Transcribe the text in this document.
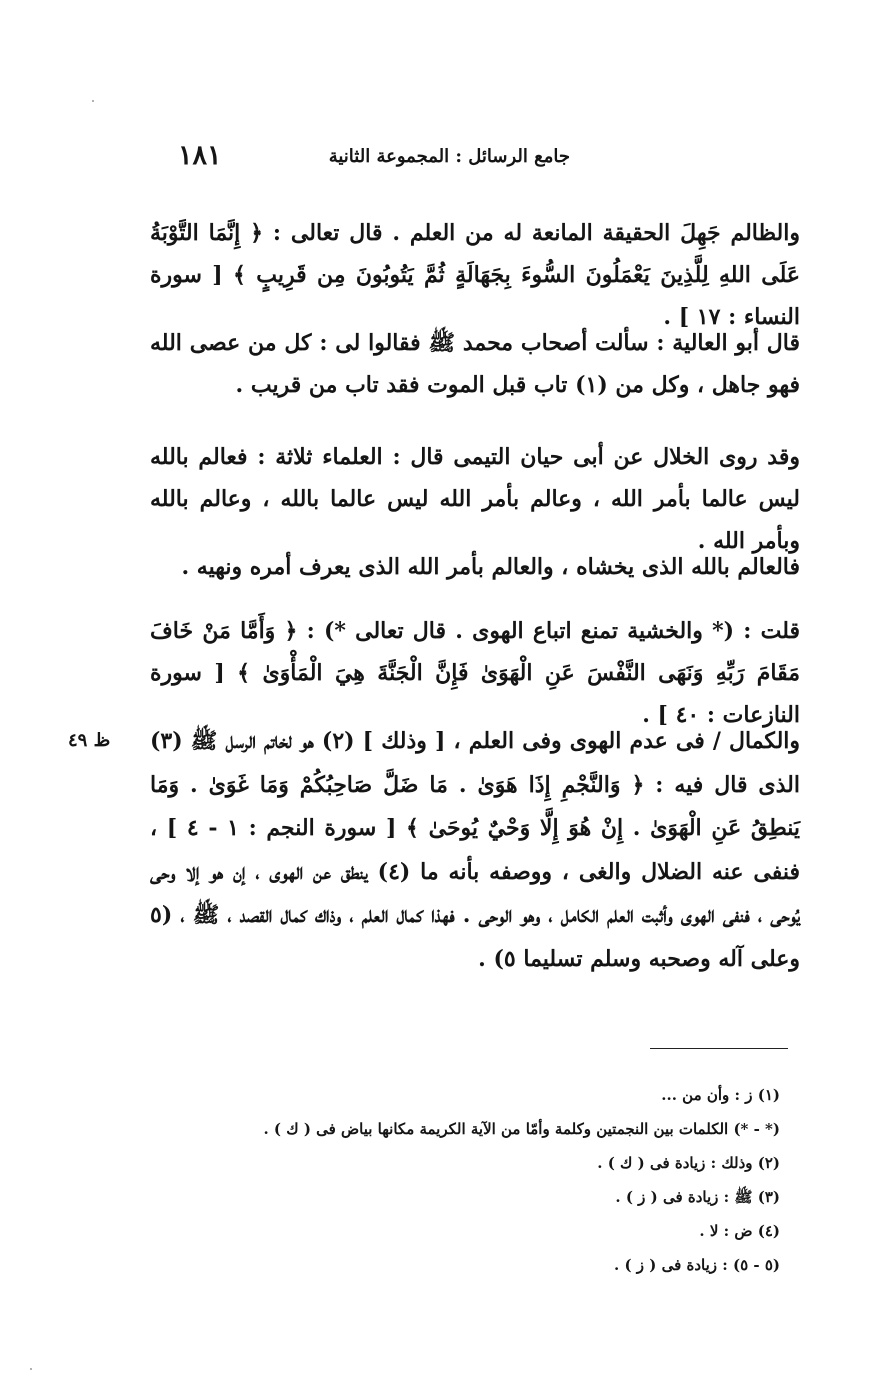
جامع الرسائل : المجموعة الثانية
١٨١

والظالم جَهِلَ الحقيقة المانعة له من العلم . قال تعالى : ﴿ إِنَّمَا التَّوْبَةُ عَلَى اللهِ لِلَّذِينَ يَعْمَلُونَ السُّوءَ بِجَهَالَةٍ ثُمَّ يَتُوبُونَ مِن قَرِيبٍ ﴾ [ سورة النساء : ١٧ ] .

قال أبو العالية : سألت أصحاب محمد ﷺ فقالوا لى : كل من عصى الله فهو جاهل ، وكل من (١) تاب قبل الموت فقد تاب من قريب .

وقد روى الخلال عن أبى حيان التيمى قال : العلماء ثلاثة : فعالم بالله ليس عالما بأمر الله ، وعالم بأمر الله ليس عالما بالله ، وعالم بالله وبأمر الله .

فالعالم بالله الذى يخشاه ، والعالم بأمر الله الذى يعرف أمره ونهيه .

قلت : (* والخشية تمنع اتباع الهوى . قال تعالى *) : ﴿ وَأَمَّا مَنْ خَافَ مَقَامَ رَبِّهِ وَنَهَى النَّفْسَ عَنِ الْهَوَىٰ فَإِنَّ الْجَنَّةَ هِيَ الْمَأْوَىٰ ﴾ [ سورة النازعات : ٤٠ ] .

والكمال / فى عدم الهوى وفى العلم ، [ وذلك ] (٢) هو لخاتم الرسل ﷺ (٣) الذى قال فيه : ﴿ وَالنَّجْمِ إِذَا هَوَىٰ . مَا ضَلَّ صَاحِبُكُمْ وَمَا غَوَىٰ . وَمَا يَنطِقُ عَنِ الْهَوَىٰ . إِنْ هُوَ إِلَّا وَحْيٌ يُوحَىٰ ﴾ [ سورة النجم : ١ - ٤ ] ، فنفى عنه الضلال والغى ، ووصفه بأنه ما (٤) ينطق عن الهوى ، إن هو إلا وحى يُوحى ، فنفى الهوى وأثبت العلم الكامل ، وهو الوحى . فهذا كمال العلم ، وذاك كمال القصد ، ﷺ ، (٥ وعلى آله وصحبه وسلم تسليما ٥) .

ظ ٤٩
(١) ز : وأن من ...
(* - *) الكلمات بين النجمتين وكلمة وأمّا من الآية الكريمة مكانها بياض فى ( ك ) .
(٢) وذلك : زيادة فى ( ك ) .
(٣) ﷺ : زيادة فى ( ز ) .
(٤) ض : لا .
(٥ - ٥) : زيادة فى ( ز ) .
